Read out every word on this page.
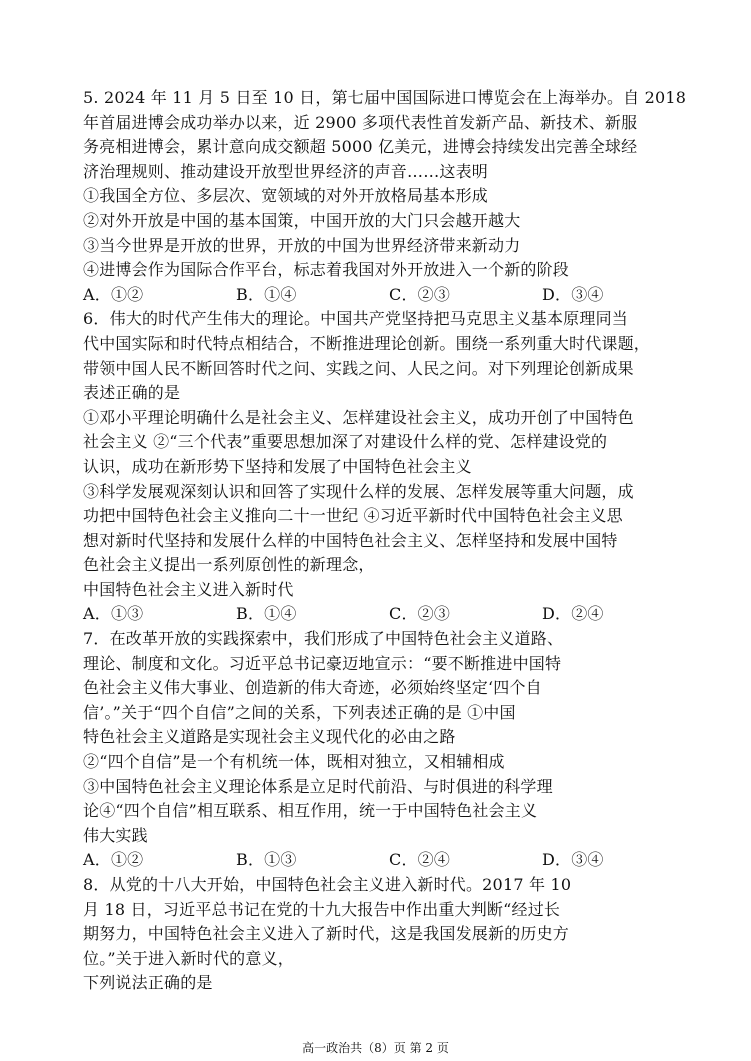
5. 2024 年 11 月 5 日至 10 日，第七届中国国际进口博览会在上海举办。自 2018
年首届进博会成功举办以来，近 2900 多项代表性首发新产品、新技术、新服
务亮相进博会，累计意向成交额超 5000 亿美元，进博会持续发出完善全球经
济治理规则、推动建设开放型世界经济的声音……这表明
①我国全方位、多层次、宽领域的对外开放格局基本形成
②对外开放是中国的基本国策，中国开放的大门只会越开越大
③当今世界是开放的世界，开放的中国为世界经济带来新动力
④进博会作为国际合作平台，标志着我国对外开放进入一个新的阶段
A．①②	B．①④	C．②③	D．③④
6．伟大的时代产生伟大的理论。中国共产党坚持把马克思主义基本原理同当
代中国实际和时代特点相结合，不断推进理论创新。围绕一系列重大时代课题，
带领中国人民不断回答时代之问、实践之问、人民之问。对下列理论创新成果
表述正确的是
①邓小平理论明确什么是社会主义、怎样建设社会主义，成功开创了中国特色
社会主义 ②“三个代表”重要思想加深了对建设什么样的党、怎样建设党的
认识，成功在新形势下坚持和发展了中国特色社会主义
③科学发展观深刻认识和回答了实现什么样的发展、怎样发展等重大问题，成
功把中国特色社会主义推向二十一世纪 ④习近平新时代中国特色社会主义思
想对新时代坚持和发展什么样的中国特色社会主义、怎样坚持和发展中国特
色社会主义提出一系列原创性的新理念，
中国特色社会主义进入新时代
A．①③	B．①④	C．②③	D．②④
7．在改革开放的实践探索中，我们形成了中国特色社会主义道路、
理论、制度和文化。习近平总书记豪迈地宣示：“要不断推进中国特
色社会主义伟大事业、创造新的伟大奇迹，必须始终坚定‘四个自
信’。”关于“四个自信”之间的关系，下列表述正确的是 ①中国
特色社会主义道路是实现社会主义现代化的必由之路
②“四个自信”是一个有机统一体，既相对独立，又相辅相成
③中国特色社会主义理论体系是立足时代前沿、与时俱进的科学理
论④“四个自信”相互联系、相互作用，统一于中国特色社会主义
伟大实践
A．①②	B．①③	C．②④	D．③④
8．从党的十八大开始，中国特色社会主义进入新时代。2017 年 10
月 18 日，习近平总书记在党的十九大报告中作出重大判断“经过长
期努力，中国特色社会主义进入了新时代，这是我国发展新的历史方
位。”关于进入新时代的意义，
下列说法正确的是
高一政治共（8）页 第 2 页
